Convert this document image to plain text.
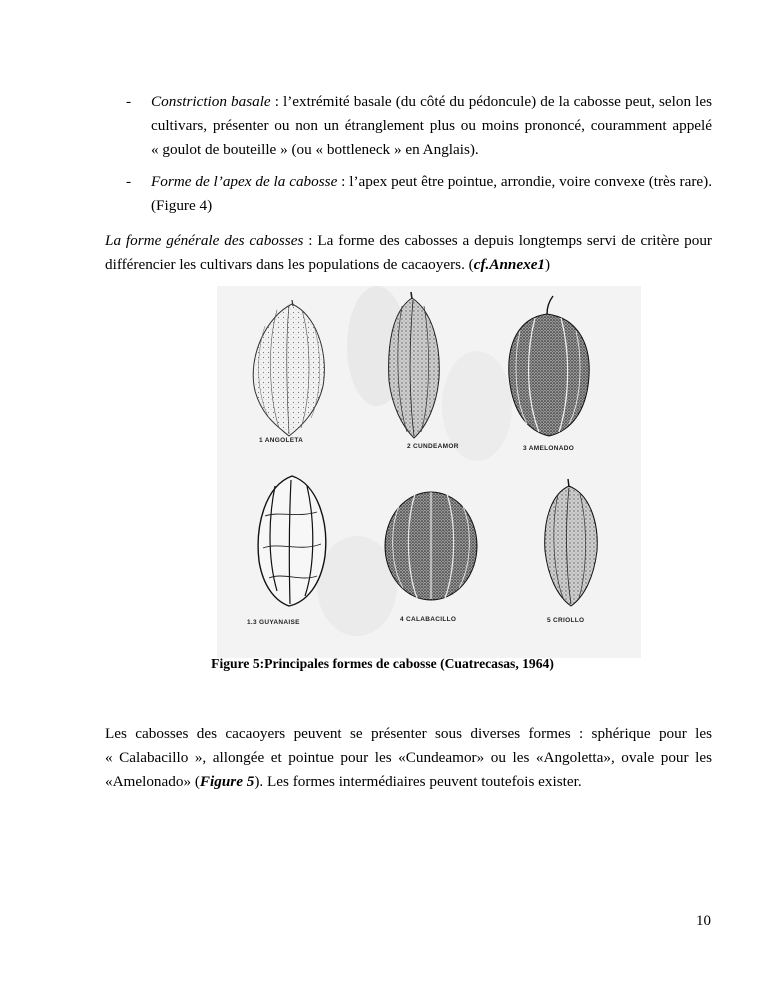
- Constriction basale : l’extrémité basale (du côté du pédoncule) de la cabosse peut, selon les
cultivars, présenter ou non un étranglement plus ou moins prononcé, couramment appelé
« goulot de bouteille » (ou « bottleneck » en Anglais).
- Forme de l’apex de la cabosse : l’apex peut être pointue, arrondie, voire convexe (très rare).
(Figure 4)
La forme générale des cabosses : La forme des cabosses a depuis longtemps servi de critère pour
différencier les cultivars dans les populations de cacaoyers. (cf.Annexe1)
1 ANGOLETA
2 CUNDEAMOR	3 AMELONADO
1.3 GUYANAISE	4 CALABACILLO	5 CRIOLLO
Figure 5:Principales formes de cabosse (Cuatrecasas, 1964)
Les cabosses des cacaoyers peuvent se présenter sous diverses formes : sphérique pour les
« Calabacillo », allongée et pointue pour les «Cundeamor» ou les «Angoletta», ovale pour les
«Amelonado» (Figure 5). Les formes intermédiaires peuvent toutefois exister.
10
